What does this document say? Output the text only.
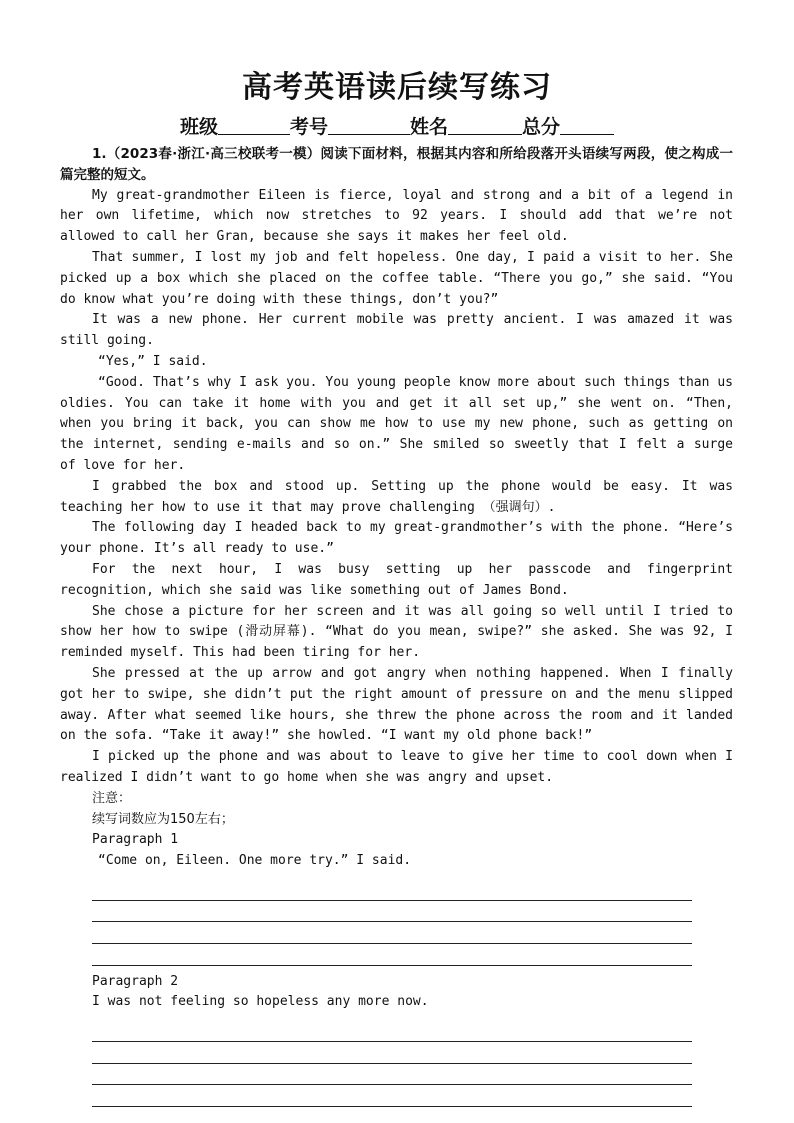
高考英语读后续写练习
班级	考号	姓名	总分

1.（2023春·浙江·高三校联考一模）阅读下面材料，根据其内容和所给段落开头语续写两段，使之构成一篇完整的短文。

My great-grandmother Eileen is fierce, loyal and strong and a bit of a legend in her own lifetime, which now stretches to 92 years. I should add that we’re not allowed to call her Gran, because she says it makes her feel old.

That summer, I lost my job and felt hopeless. One day, I paid a visit to her. She picked up a box which she placed on the coffee table. “There you go,” she said. “You do know what you’re doing with these things, don’t you?”

It was a new phone. Her current mobile was pretty ancient. I was amazed it was still going.

“Yes,” I said.

“Good. That’s why I ask you. You young people know more about such things than us oldies. You can take it home with you and get it all set up,” she went on. “Then, when you bring it back, you can show me how to use my new phone, such as getting on the internet, sending e-mails and so on.” She smiled so sweetly that I felt a surge of love for her.

I grabbed the box and stood up. Setting up the phone would be easy. It was teaching her how to use it that may prove challenging （强调句）.

The following day I headed back to my great-grandmother’s with the phone. “Here’s your phone. It’s all ready to use.”

For the next hour, I was busy setting up her passcode and fingerprint recognition, which she said was like something out of James Bond.

She chose a picture for her screen and it was all going so well until I tried to show her how to swipe (滑动屏幕). “What do you mean, swipe?” she asked. She was 92, I reminded myself. This had been tiring for her.

She pressed at the up arrow and got angry when nothing happened. When I finally got her to swipe, she didn’t put the right amount of pressure on and the menu slipped away. After what seemed like hours, she threw the phone across the room and it landed on the sofa. “Take it away!” she howled. “I want my old phone back!”

I picked up the phone and was about to leave to give her time to cool down when I realized I didn’t want to go home when she was angry and upset.

注意：

续写词数应为150左右；

Paragraph 1

“Come on, Eileen. One more try.” I said.

Paragraph 2

I was not feeling so hopeless any more now.
